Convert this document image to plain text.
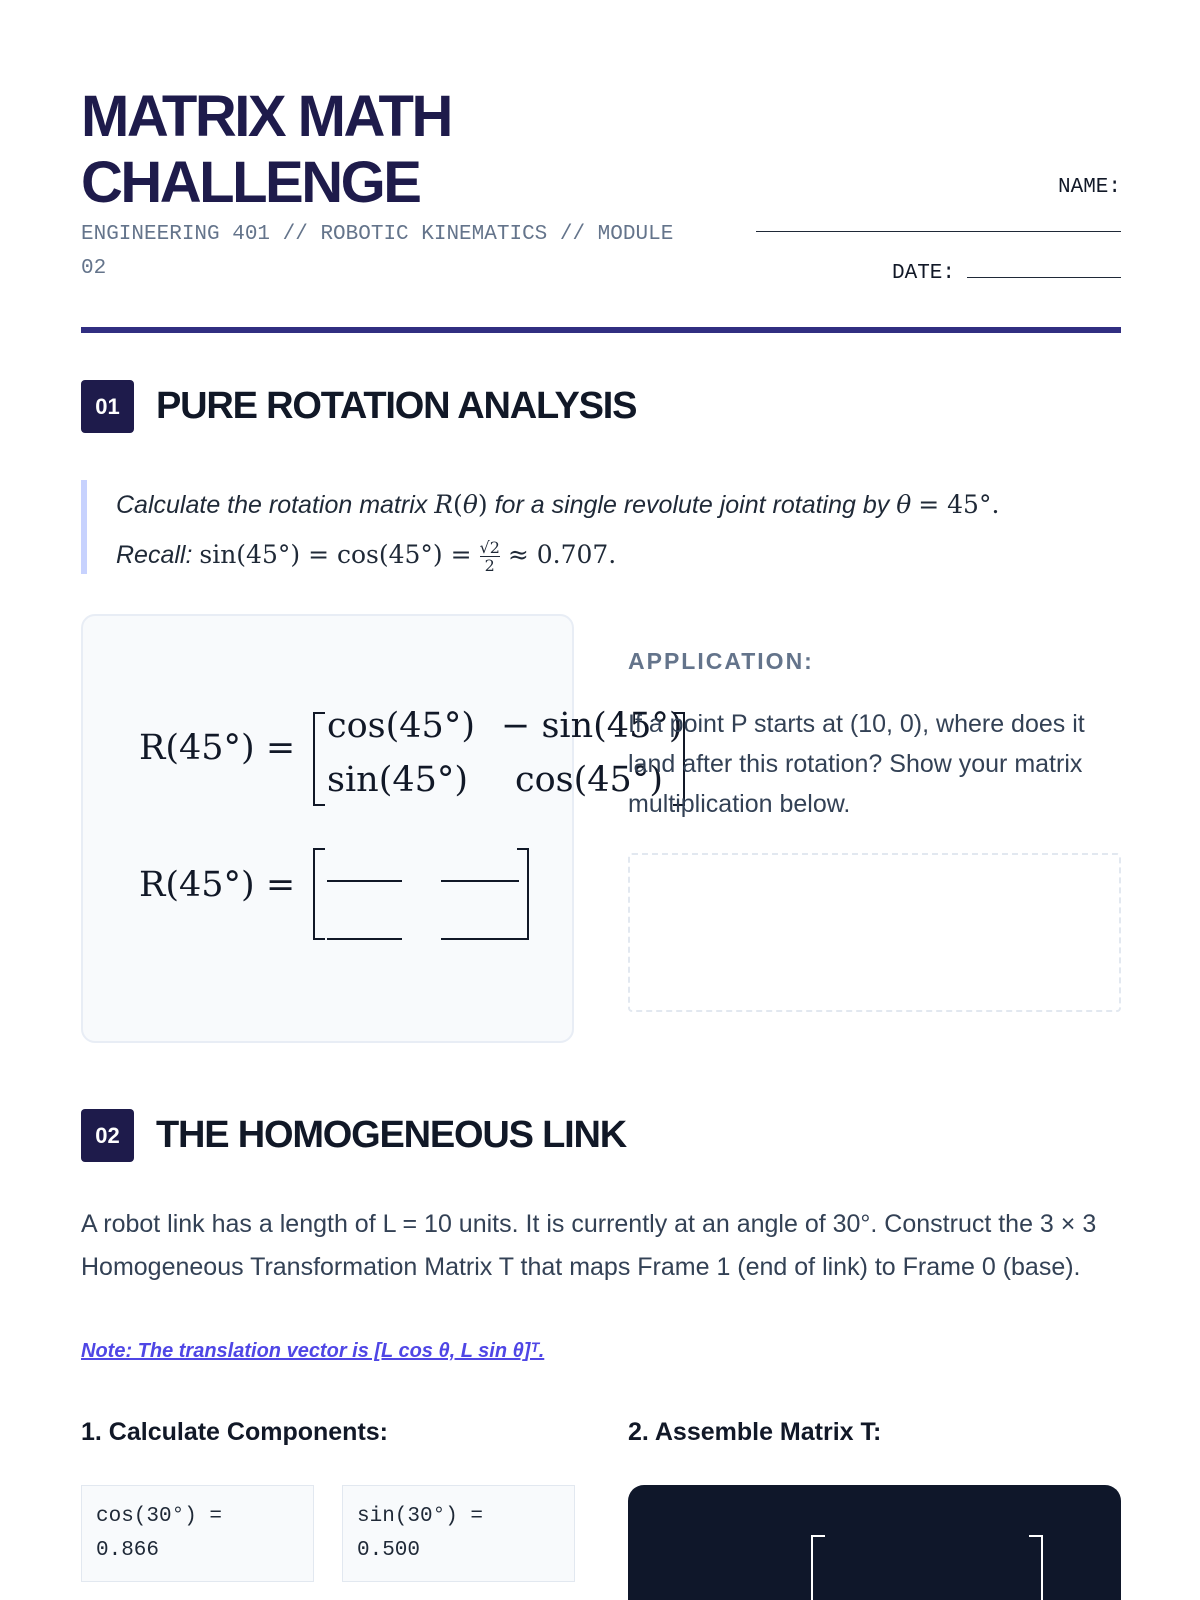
MATRIX MATH CHALLENGE
ENGINEERING 401 // ROBOTIC KINEMATICS // MODULE 02
NAME:
DATE:
01 PURE ROTATION ANALYSIS

Calculate the rotation matrix R(θ) for a single revolute joint rotating by θ = 45°.

Recall: $\sin(45^\circ) = \cos(45^\circ) = \frac{√2}{2} \approx 0.707$.

R(45°) =
cos(45°) − sin(45°)
sin(45°) cos(45°)
R(45°) =
APPLICATION:
If a point P starts at (10, 0), where does it land after this rotation? Show your matrix multiplication below.
02 THE HOMOGENEOUS LINK
A robot link has a length of L = 10 units. It is currently at an angle of 30°. Construct the 3 × 3 Homogeneous Transformation Matrix T that maps Frame 1 (end of link) to Frame 0 (base).
Note: The translation vector is [L cos θ, L sin θ]ᵀ.
1. Calculate Components:	2. Assemble Matrix T:
cos(30°) =
0.866
sin(30°) =
0.500
